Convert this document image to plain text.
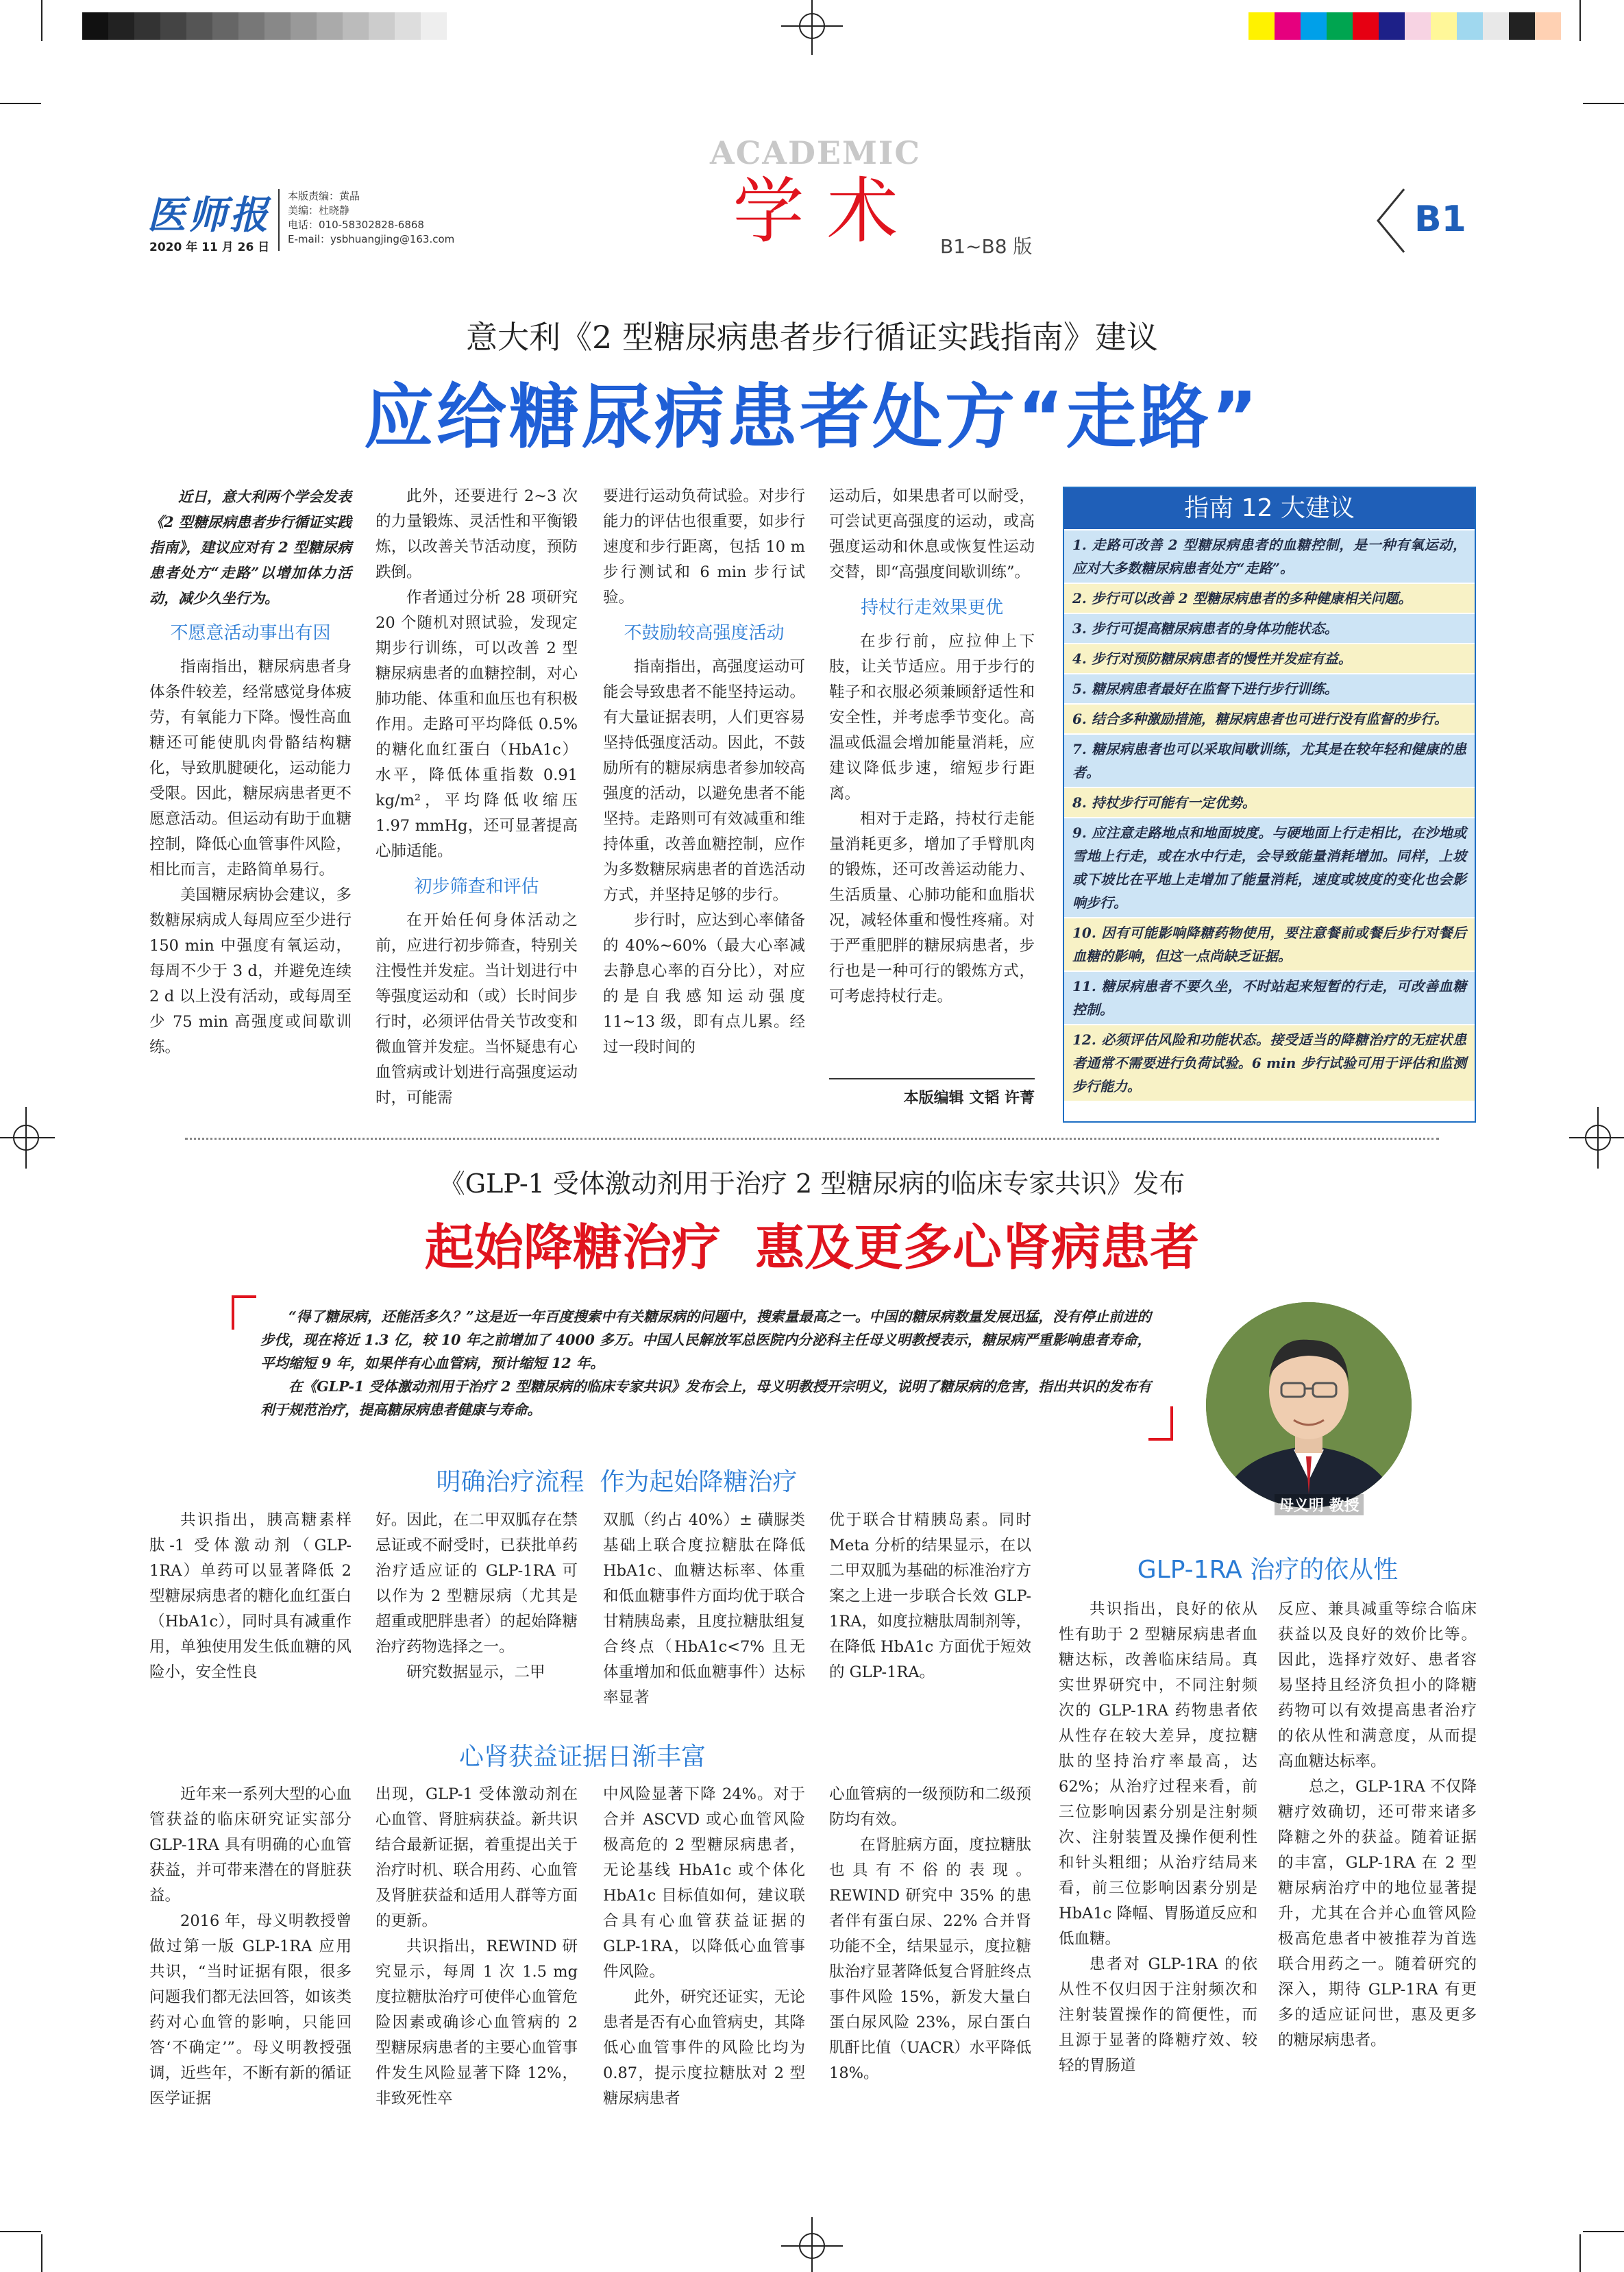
医师报
2020 年 11 月 26 日
本版责编：黄晶
美编：杜晓静
电话：010-58302828-6868
E-mail：ysbhuangjing@163.com
ACADEMIC
学 术	B1~B8 版
B1
意大利《2 型糖尿病患者步行循证实践指南》建议
应给糖尿病患者处方“走路”

近日，意大利两个学会发表《2 型糖尿病患者步行循证实践指南》，建议应对有 2 型糖尿病患者处方“走路”以增加体力活动，减少久坐行为。

不愿意活动事出有因

指南指出，糖尿病患者身体条件较差，经常感觉身体疲劳，有氧能力下降。慢性高血糖还可能使肌肉骨骼结构糖化，导致肌腱硬化，运动能力受限。因此，糖尿病患者更不愿意活动。但运动有助于血糖控制，降低心血管事件风险，相比而言，走路简单易行。

美国糖尿病协会建议，多数糖尿病成人每周应至少进行 150 min 中强度有氧运动，每周不少于 3 d，并避免连续 2 d 以上没有活动，或每周至少 75 min 高强度或间歇训练。

此外，还要进行 2~3 次的力量锻炼、灵活性和平衡锻炼，以改善关节活动度，预防跌倒。

作者通过分析 28 项研究 20 个随机对照试验，发现定期步行训练，可以改善 2 型糖尿病患者的血糖控制，对心肺功能、体重和血压也有积极作用。走路可平均降低 0.5% 的糖化血红蛋白（HbA1c）水平，降低体重指数 0.91 kg/m²，平均降低收缩压 1.97 mmHg，还可显著提高心肺适能。

初步筛查和评估

在开始任何身体活动之前，应进行初步筛查，特别关注慢性并发症。当计划进行中等强度运动和（或）长时间步行时，必须评估骨关节改变和微血管并发症。当怀疑患有心血管病或计划进行高强度运动时，可能需

要进行运动负荷试验。对步行能力的评估也很重要，如步行速度和步行距离，包括 10 m 步行测试和 6 min 步行试验。

不鼓励较高强度活动

指南指出，高强度运动可能会导致患者不能坚持运动。有大量证据表明，人们更容易坚持低强度活动。因此，不鼓励所有的糖尿病患者参加较高强度的活动，以避免患者不能坚持。走路则可有效减重和维持体重，改善血糖控制，应作为多数糖尿病患者的首选活动方式，并坚持足够的步行。

步行时，应达到心率储备的 40%~60%（最大心率减去静息心率的百分比），对应的是自我感知运动强度 11~13 级，即有点儿累。经过一段时间的

运动后，如果患者可以耐受，可尝试更高强度的运动，或高强度运动和休息或恢复性运动交替，即“高强度间歇训练”。

持杖行走效果更优

在步行前，应拉伸上下肢，让关节适应。用于步行的鞋子和衣服必须兼顾舒适性和安全性，并考虑季节变化。高温或低温会增加能量消耗，应建议降低步速，缩短步行距离。

相对于走路，持杖行走能量消耗更多，增加了手臂肌肉的锻炼，还可改善运动能力、生活质量、心肺功能和血脂状况，减轻体重和慢性疼痛。对于严重肥胖的糖尿病患者，步行也是一种可行的锻炼方式，可考虑持杖行走。

本版编辑 文韬 许菁
指南 12 大建议
1. 走路可改善 2 型糖尿病患者的血糖控制，是一种有氧运动，应对大多数糖尿病患者处方“走路”。
2. 步行可以改善 2 型糖尿病患者的多种健康相关问题。
3. 步行可提高糖尿病患者的身体功能状态。
4. 步行对预防糖尿病患者的慢性并发症有益。
5. 糖尿病患者最好在监督下进行步行训练。
6. 结合多种激励措施，糖尿病患者也可进行没有监督的步行。
7. 糖尿病患者也可以采取间歇训练，尤其是在较年轻和健康的患者。
8. 持杖步行可能有一定优势。
9. 应注意走路地点和地面坡度。与硬地面上行走相比，在沙地或雪地上行走，或在水中行走，会导致能量消耗增加。同样，上坡或下坡比在平地上走增加了能量消耗，速度或坡度的变化也会影响步行。
10. 因有可能影响降糖药物使用，要注意餐前或餐后步行对餐后血糖的影响，但这一点尚缺乏证据。
11. 糖尿病患者不要久坐，不时站起来短暂的行走，可改善血糖控制。
12. 必须评估风险和功能状态。接受适当的降糖治疗的无症状患者通常不需要进行负荷试验。6 min 步行试验可用于评估和监测步行能力。
《GLP-1 受体激动剂用于治疗 2 型糖尿病的临床专家共识》发布
起始降糖治疗  惠及更多心肾病患者

“得了糖尿病，还能活多久？”这是近一年百度搜索中有关糖尿病的问题中，搜索量最高之一。中国的糖尿病数量发展迅猛，没有停止前进的步伐，现在将近 1.3 亿，较 10 年之前增加了 4000 多万。中国人民解放军总医院内分泌科主任母义明教授表示，糖尿病严重影响患者寿命，平均缩短 9 年，如果伴有心血管病，预计缩短 12 年。

在《GLP-1 受体激动剂用于治疗 2 型糖尿病的临床专家共识》发布会上，母义明教授开宗明义，说明了糖尿病的危害，指出共识的发布有利于规范治疗，提高糖尿病患者健康与寿命。

母义明 教授
明确治疗流程  作为起始降糖治疗

共识指出，胰高糖素样肽-1 受体激动剂（GLP-1RA）单药可以显著降低 2 型糖尿病患者的糖化血红蛋白（HbA1c），同时具有减重作用，单独使用发生低血糖的风险小，安全性良

好。因此，在二甲双胍存在禁忌证或不耐受时，已获批单药治疗适应证的 GLP-1RA 可以作为 2 型糖尿病（尤其是超重或肥胖患者）的起始降糖治疗药物选择之一。

研究数据显示，二甲

双胍（约占 40%）± 磺脲类基础上联合度拉糖肽在降低 HbA1c、血糖达标率、体重和低血糖事件方面均优于联合甘精胰岛素，且度拉糖肽组复合终点（HbA1c<7% 且无体重增加和低血糖事件）达标率显著

优于联合甘精胰岛素。同时 Meta 分析的结果显示，在以二甲双胍为基础的标准治疗方案之上进一步联合长效 GLP-1RA，如度拉糖肽周制剂等，在降低 HbA1c 方面优于短效的 GLP-1RA。

心肾获益证据日渐丰富

近年来一系列大型的心血管获益的临床研究证实部分 GLP-1RA 具有明确的心血管获益，并可带来潜在的肾脏获益。

2016 年，母义明教授曾做过第一版 GLP-1RA 应用共识，“当时证据有限，很多问题我们都无法回答，如该类药对心血管的影响，只能回答‘不确定’”。母义明教授强调，近些年，不断有新的循证医学证据

出现，GLP-1 受体激动剂在心血管、肾脏病获益。新共识结合最新证据，着重提出关于治疗时机、联合用药、心血管及肾脏获益和适用人群等方面的更新。

共识指出，REWIND 研究显示，每周 1 次 1.5 mg 度拉糖肽治疗可使伴心血管危险因素或确诊心血管病的 2 型糖尿病患者的主要心血管事件发生风险显著下降 12%，非致死性卒

中风险显著下降 24%。对于合并 ASCVD 或心血管风险极高危的 2 型糖尿病患者，无论基线 HbA1c 或个体化 HbA1c 目标值如何，建议联合具有心血管获益证据的 GLP-1RA，以降低心血管事件风险。

此外，研究还证实，无论患者是否有心血管病史，其降低心血管事件的风险比均为 0.87，提示度拉糖肽对 2 型糖尿病患者

心血管病的一级预防和二级预防均有效。

在肾脏病方面，度拉糖肽也具有不俗的表现。REWIND 研究中 35% 的患者伴有蛋白尿、22% 合并肾功能不全，结果显示，度拉糖肽治疗显著降低复合肾脏终点事件风险 15%，新发大量白蛋白尿风险 23%，尿白蛋白肌酐比值（UACR）水平降低 18%。

GLP-1RA 治疗的依从性

共识指出，良好的依从性有助于 2 型糖尿病患者血糖达标，改善临床结局。真实世界研究中，不同注射频次的 GLP-1RA 药物患者依从性存在较大差异，度拉糖肽的坚持治疗率最高，达 62%；从治疗过程来看，前三位影响因素分别是注射频次、注射装置及操作便利性和针头粗细；从治疗结局来看，前三位影响因素分别是 HbA1c 降幅、胃肠道反应和低血糖。

患者对 GLP-1RA 的依从性不仅归因于注射频次和注射装置操作的简便性，而且源于显著的降糖疗效、较轻的胃肠道

反应、兼具减重等综合临床获益以及良好的效价比等。因此，选择疗效好、患者容易坚持且经济负担小的降糖药物可以有效提高患者治疗的依从性和满意度，从而提高血糖达标率。

总之，GLP-1RA 不仅降糖疗效确切，还可带来诸多降糖之外的获益。随着证据的丰富，GLP-1RA 在 2 型糖尿病治疗中的地位显著提升，尤其在合并心血管风险极高危患者中被推荐为首选联合用药之一。随着研究的深入，期待 GLP-1RA 有更多的适应证问世，惠及更多的糖尿病患者。
